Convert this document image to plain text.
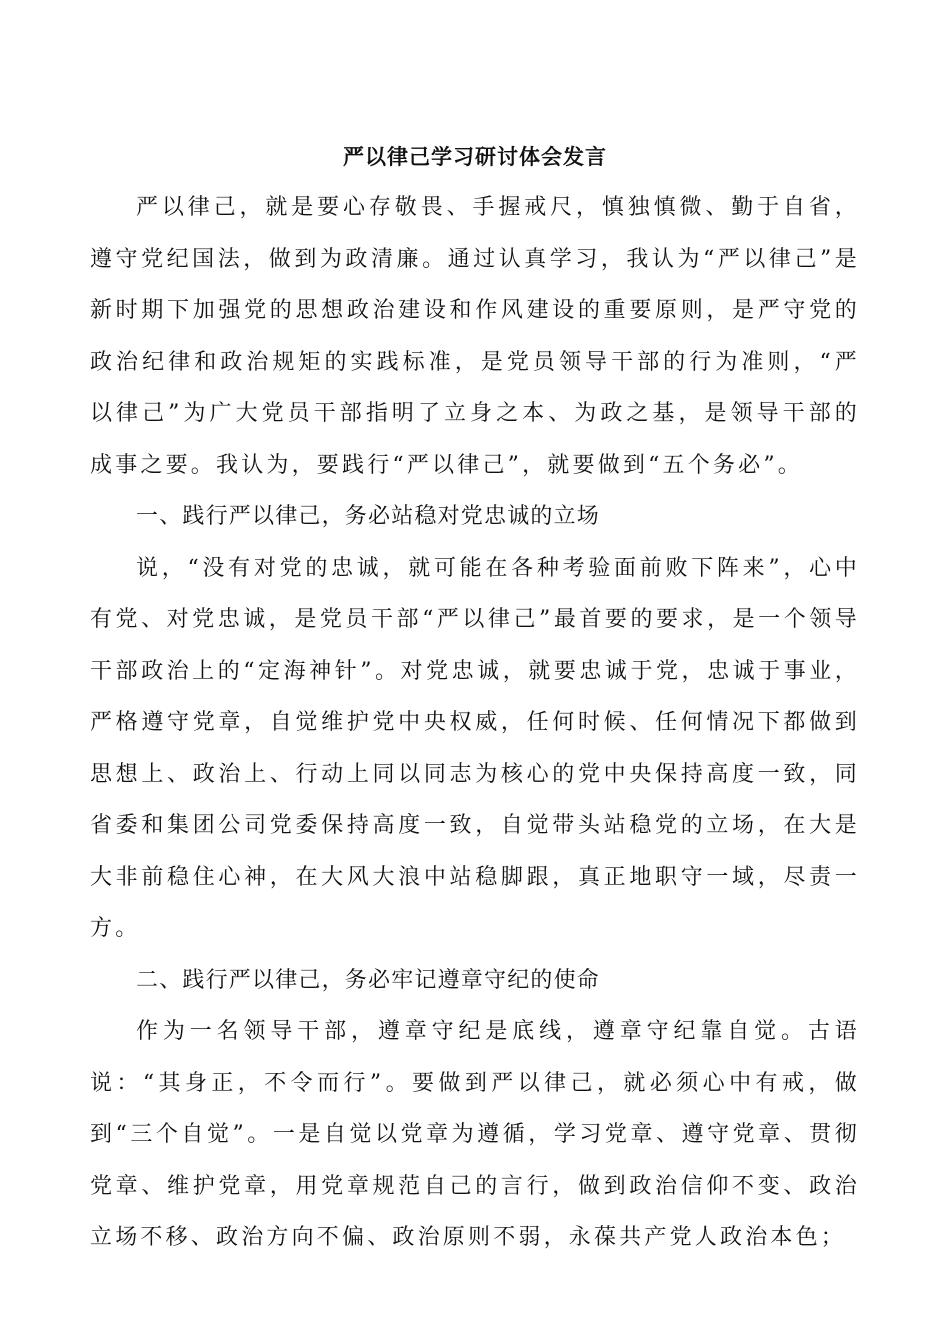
严以律己学习研讨体会发言

严以律己，就是要心存敬畏、手握戒尺，慎独慎微、勤于自省，遵守党纪国法，做到为政清廉。通过认真学习，我认为“严以律己”是新时期下加强党的思想政治建设和作风建设的重要原则，是严守党的政治纪律和政治规矩的实践标准，是党员领导干部的行为准则，“严以律己”为广大党员干部指明了立身之本、为政之基，是领导干部的成事之要。我认为，要践行“严以律己”，就要做到“五个务必”。

一、践行严以律己，务必站稳对党忠诚的立场

说，“没有对党的忠诚，就可能在各种考验面前败下阵来”，心中有党、对党忠诚，是党员干部“严以律己”最首要的要求，是一个领导干部政治上的“定海神针”。对党忠诚，就要忠诚于党，忠诚于事业，严格遵守党章，自觉维护党中央权威，任何时候、任何情况下都做到思想上、政治上、行动上同以同志为核心的党中央保持高度一致，同省委和集团公司党委保持高度一致，自觉带头站稳党的立场，在大是大非前稳住心神，在大风大浪中站稳脚跟，真正地职守一域，尽责一方。

二、践行严以律己，务必牢记遵章守纪的使命

作为一名领导干部，遵章守纪是底线，遵章守纪靠自觉。古语说：“其身正，不令而行”。要做到严以律己，就必须心中有戒，做到“三个自觉”。一是自觉以党章为遵循，学习党章、遵守党章、贯彻党章、维护党章，用党章规范自己的言行，做到政治信仰不变、政治立场不移、政治方向不偏、政治原则不弱，永葆共产党人政治本色；
